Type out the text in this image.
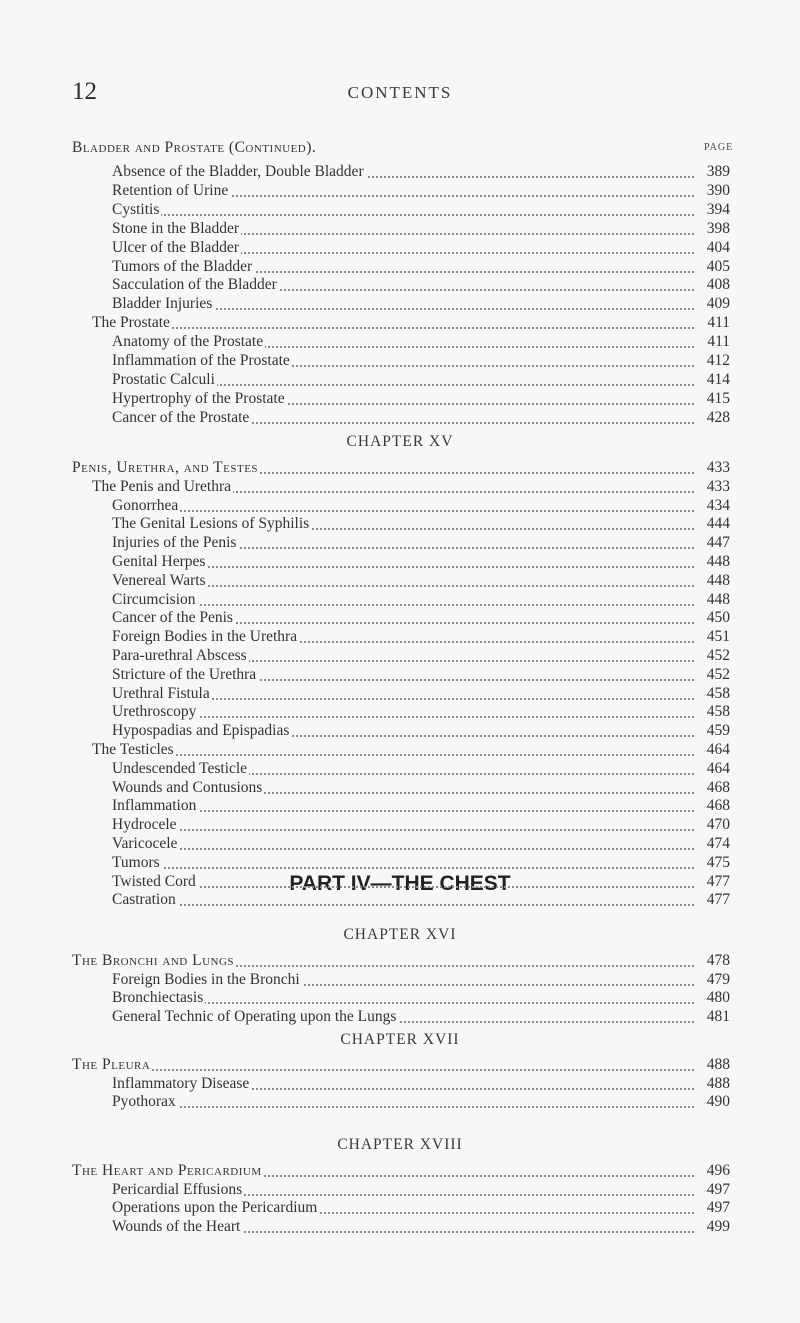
12	CONTENTS
PAGE
Bladder and Prostate (Continued).
PART IV—THE CHEST
Absence of the Bladder, Double Bladder	389
Retention of Urine	390
Cystitis	394
Stone in the Bladder	398
Ulcer of the Bladder	404
Tumors of the Bladder	405
Sacculation of the Bladder	408
Bladder Injuries	409
The Prostate	411
Anatomy of the Prostate	411
Inflammation of the Prostate	412
Prostatic Calculi	414
Hypertrophy of the Prostate	415
Cancer of the Prostate	428
CHAPTER XV
Penis, Urethra, and Testes	433
The Penis and Urethra	433
Gonorrhea	434
The Genital Lesions of Syphilis	444
Injuries of the Penis	447
Genital Herpes	448
Venereal Warts	448
Circumcision	448
Cancer of the Penis	450
Foreign Bodies in the Urethra	451
Para-urethral Abscess	452
Stricture of the Urethra	452
Urethral Fistula	458
Urethroscopy	458
Hypospadias and Epispadias	459
The Testicles	464
Undescended Testicle	464
Wounds and Contusions	468
Inflammation	468
Hydrocele	470
Varicocele	474
Tumors	475
Twisted Cord	477
Castration	477
CHAPTER XVI
The Bronchi and Lungs	478
Foreign Bodies in the Bronchi	479
Bronchiectasis	480
General Technic of Operating upon the Lungs	481
CHAPTER XVII
The Pleura	488
Inflammatory Disease	488
Pyothorax	490
CHAPTER XVIII
The Heart and Pericardium	496
Pericardial Effusions	497
Operations upon the Pericardium	497
Wounds of the Heart	499
